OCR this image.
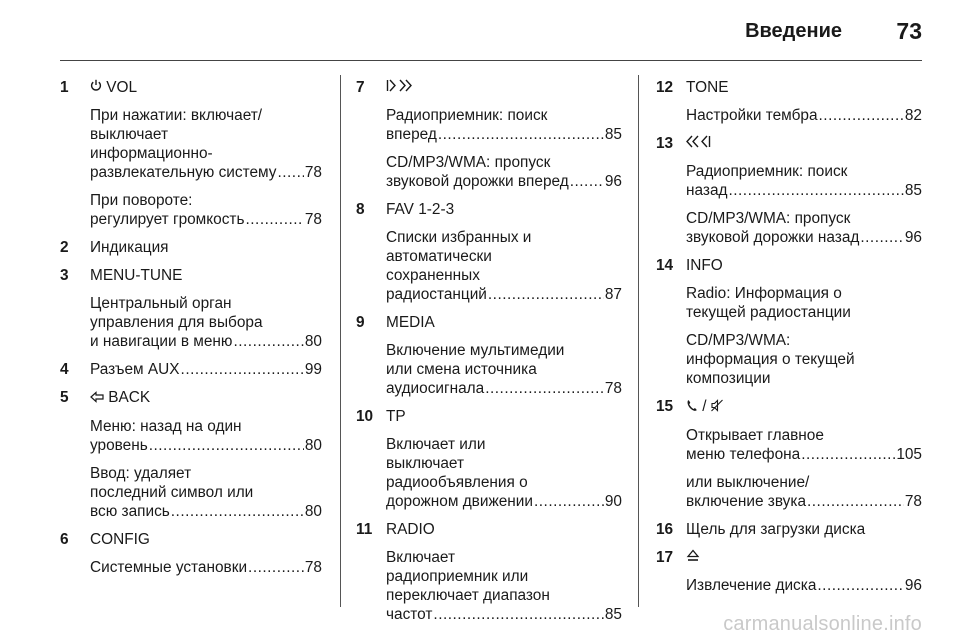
Введение 73
1	VOL
При нажатии: включает/
выключает
информационно-
развлекательную систему ..... 78
При повороте:
регулирует громкость .....	78
2 Индикация
3 MENU-TUNE
Центральный орган
управления для выбора
и навигации в меню .....	80
4 Разъем AUX .....	99
5	BACK
Меню: назад на один
уровень .....	80
Ввод: удаляет
последний символ или
всю запись .....	80
6 CONFIG
Системные установки .....	78
7
Радиоприемник: поиск
вперед .....	85
CD/MP3/WMA: пропуск
звуковой дорожки вперед ..... 96
8 FAV 1-2-3
Списки избранных и
автоматически
сохраненных
радиостанций .....	87
9 MEDIA
Включение мультимедии
или смена источника
аудиосигнала .....	78
10 TP
Включает или
выключает
радиообъявления о
дорожном движении .....	90
11 RADIO
Включает
радиоприемник или
переключает диапазон
частот .....	85
12 TONE
Настройки тембра .....	82
13
Радиоприемник: поиск
назад .....	85
CD/MP3/WMA: пропуск
звуковой дорожки назад .....	96
14 INFO
Radio: Информация о
текущей радиостанции
CD/MP3/WMA:
информация о текущей
композиции
15	/
Открывает главное
меню телефона .....	105
или выключение/
включение звука .....	78
16 Щель для загрузки диска
17
Извлечение диска .....	96
carmanualsonline.info
